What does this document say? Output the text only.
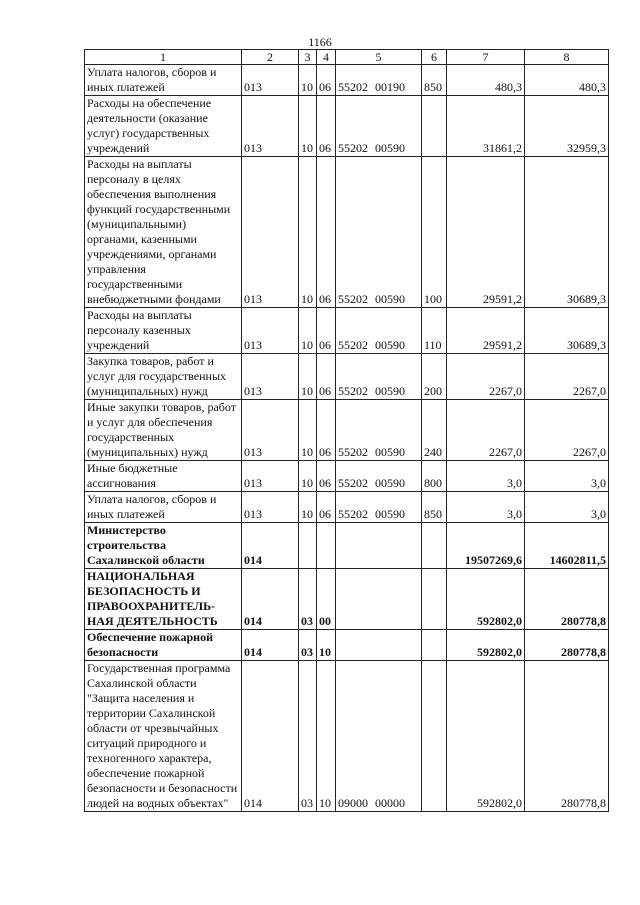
1166
1	2	3	4	5	6	7	8
Уплата налогов, сборов и иных платежей	013	10	06	55202 00190	850	480,3	480,3
Расходы на обеспечение деятельности (оказание услуг) государственных учреждений	013	10	06	55202 00590		31861,2	32959,3
Расходы на выплаты персоналу в целях обеспечения выполнения функций государственными (муниципальными) органами, казенными учреждениями, органами управления государственными внебюджетными фондами	013	10	06	55202 00590	100	29591,2	30689,3
Расходы на выплаты персоналу казенных учреждений	013	10	06	55202 00590	110	29591,2	30689,3
Закупка товаров, работ и услуг для государственных (муниципальных) нужд	013	10	06	55202 00590	200	2267,0	2267,0
Иные закупки товаров, работ и услуг для обеспечения государственных (муниципальных) нужд	013	10	06	55202 00590	240	2267,0	2267,0
Иные бюджетные ассигнования	013	10	06	55202 00590	800	3,0	3,0
Уплата налогов, сборов и иных платежей	013	10	06	55202 00590	850	3,0	3,0
Министерство строительства Сахалинской области	014					19507269,6	14602811,5
НАЦИОНАЛЬНАЯ БЕЗОПАСНОСТЬ И ПРАВООХРАНИТЕЛЬ-НАЯ ДЕЯТЕЛЬНОСТЬ	014	03	00			592802,0	280778,8
Обеспечение пожарной безопасности	014	03	10			592802,0	280778,8
Государственная программа Сахалинской области "Защита населения и территории Сахалинской области от чрезвычайных ситуаций природного и техногенного характера, обеспечение пожарной безопасности и безопасности людей на водных объектах"	014	03	10	09000 00000		592802,0	280778,8
